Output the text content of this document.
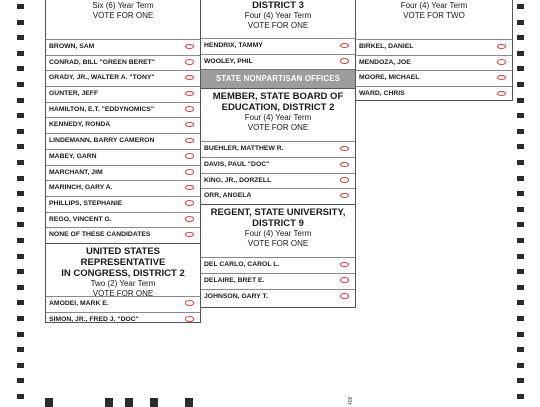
Six (6) Year Term
VOTE FOR ONE
BROWN, SAM
CONRAD, BILL "GREEN BERET"
GRADY, JR., WALTER A. "TONY"
GUNTER, JEFF
HAMILTON, E.T. "EDDYNOMICS"
KENNEDY, RONDA
LINDEMANN, BARRY CAMERON
MABEY, GARN
MARCHANT, JIM
MARINCH, GARY A.
PHILLIPS, STEPHANIE
REGO, VINCENT G.
NONE OF THESE CANDIDATES
UNITED STATES REPRESENTATIVE
IN CONGRESS, DISTRICT 2
Two (2) Year Term
VOTE FOR ONE
AMODEI, MARK E.
SIMON, JR., FRED J. "DOC"
DISTRICT 3
Four (4) Year Term
VOTE FOR ONE
HENDRIX, TAMMY
WOOLEY, PHIL
STATE NONPARTISAN OFFICES
MEMBER, STATE BOARD OF
EDUCATION, DISTRICT 2
Four (4) Year Term
VOTE FOR ONE
BUEHLER, MATTHEW R.
DAVIS, PAUL "DOC"
KING, JR., DORZELL
ORR, ANGELA
REGENT, STATE UNIVERSITY,
DISTRICT 9
Four (4) Year Term
VOTE FOR ONE
DEL CARLO, CAROL L.
DELAIRE, BRET E.
JOHNSON, GARY T.
Four (4) Year Term
VOTE FOR TWO
BIRKEL, DANIEL
MENDOZA, JOE
MOORE, MICHAEL
WARD, CHRIS
402
